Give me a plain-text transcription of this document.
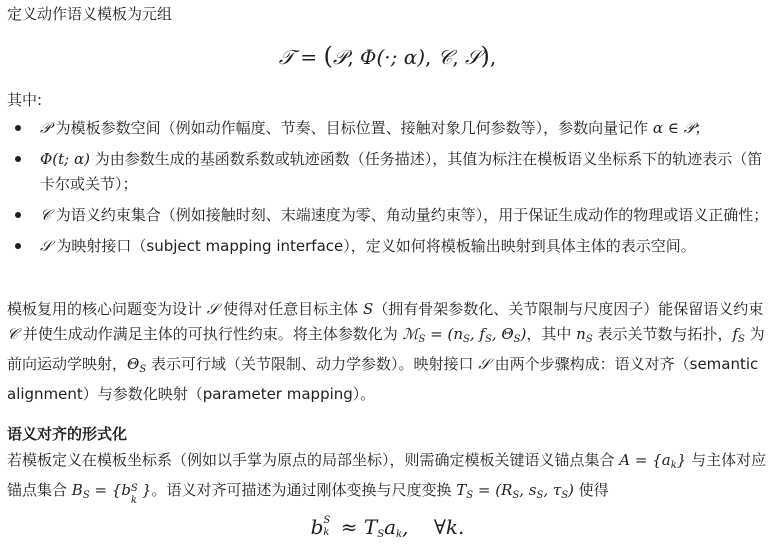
定义动作语义模板为元组
𝒯 = (𝒫, Φ(·; α), 𝒞, 𝒮),
其中:
𝒫 为模板参数空间（例如动作幅度、节奏、目标位置、接触对象几何参数等），参数向量记作 α ∈ 𝒫；
Φ(t; α) 为由参数生成的基函数系数或轨迹函数（任务描述），其值为标注在模板语义坐标系下的轨迹表示（笛卡尔或关节）；
𝒞 为语义约束集合（例如接触时刻、末端速度为零、角动量约束等），用于保证生成动作的物理或语义正确性；
𝒮 为映射接口（subject mapping interface），定义如何将模板输出映射到具体主体的表示空间。
模板复用的核心问题变为设计 𝒮 使得对任意目标主体 S（拥有骨架参数化、关节限制与尺度因子）能保留语义约束 𝒞 并使生成动作满足主体的可执行性约束。将主体参数化为 ℳ$_S$ = ($n_S$, $f_S$, $\Theta_S$)，其中 $n_S$ 表示关节数与拓扑，$f_S$ 为前向运动学映射，$\Theta_S$ 表示可行域（关节限制、动力学参数）。映射接口 𝒮 由两个步骤构成：语义对齐（semantic alignment）与参数化映射（parameter mapping）。
语义对齐的形式化
若模板定义在模板坐标系（例如以手掌为原点的局部坐标），则需确定模板关键语义锚点集合 $A = \{a_k\}$ 与主体对应锚点集合 $B_S = \{b$ S
k
}。语义对齐可描述为通过刚体变换与尺度变换 $T_S = (R_S$, $s_S$, $\tau_S$) 使得
b S
$k \approx T_Sa_k$,    ∀k.
